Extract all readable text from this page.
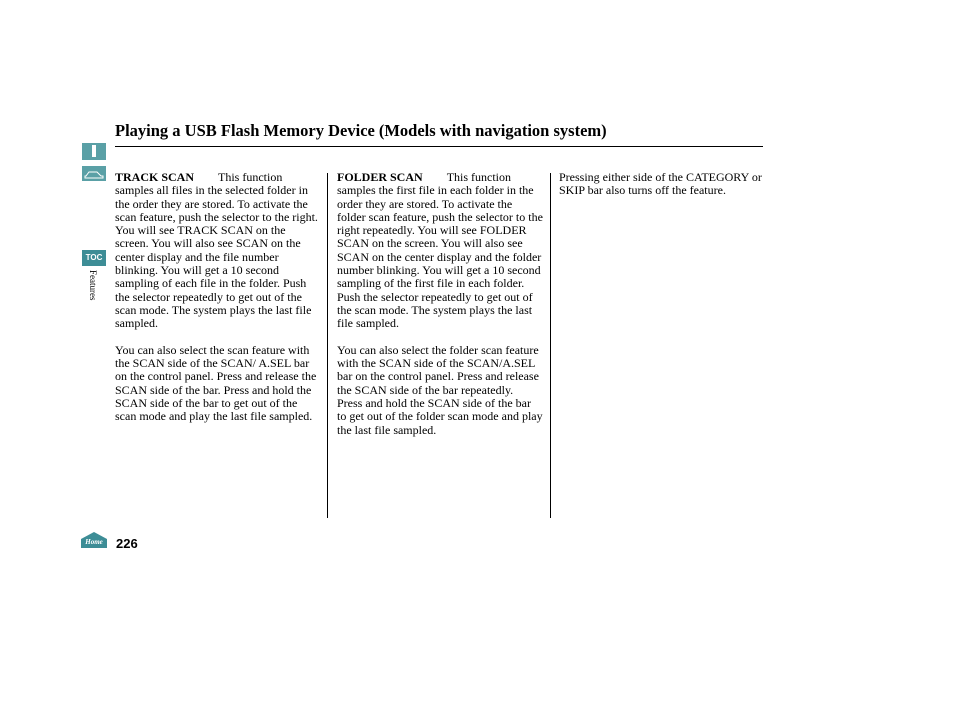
TOC
Features
Playing a USB Flash Memory Device (Models with navigation system)

TRACK SCAN This function samples all files in the selected folder in the order they are stored. To activate the scan feature, push the selector to the right. You will see TRACK SCAN on the screen. You will also see SCAN on the center display and the file number blinking. You will get a 10 second sampling of each file in the folder. Push the selector repeatedly to get out of the scan mode. The system plays the last file sampled.

You can also select the scan feature with the SCAN side of the SCAN/ A.SEL bar on the control panel. Press and release the SCAN side of the bar. Press and hold the SCAN side of the bar to get out of the scan mode and play the last file sampled.

FOLDER SCAN This function samples the first file in each folder in the order they are stored. To activate the folder scan feature, push the selector to the right repeatedly. You will see FOLDER SCAN on the screen. You will also see SCAN on the center display and the folder number blinking. You will get a 10 second sampling of the first file in each folder. Push the selector repeatedly to get out of the scan mode. The system plays the last file sampled.

You can also select the folder scan feature with the SCAN side of the SCAN/A.SEL bar on the control panel. Press and release the SCAN side of the bar repeatedly.

Press and hold the SCAN side of the bar to get out of the folder scan mode and play the last file sampled.

Pressing either side of the CATEGORY or SKIP bar also turns off the feature.

Home 226
